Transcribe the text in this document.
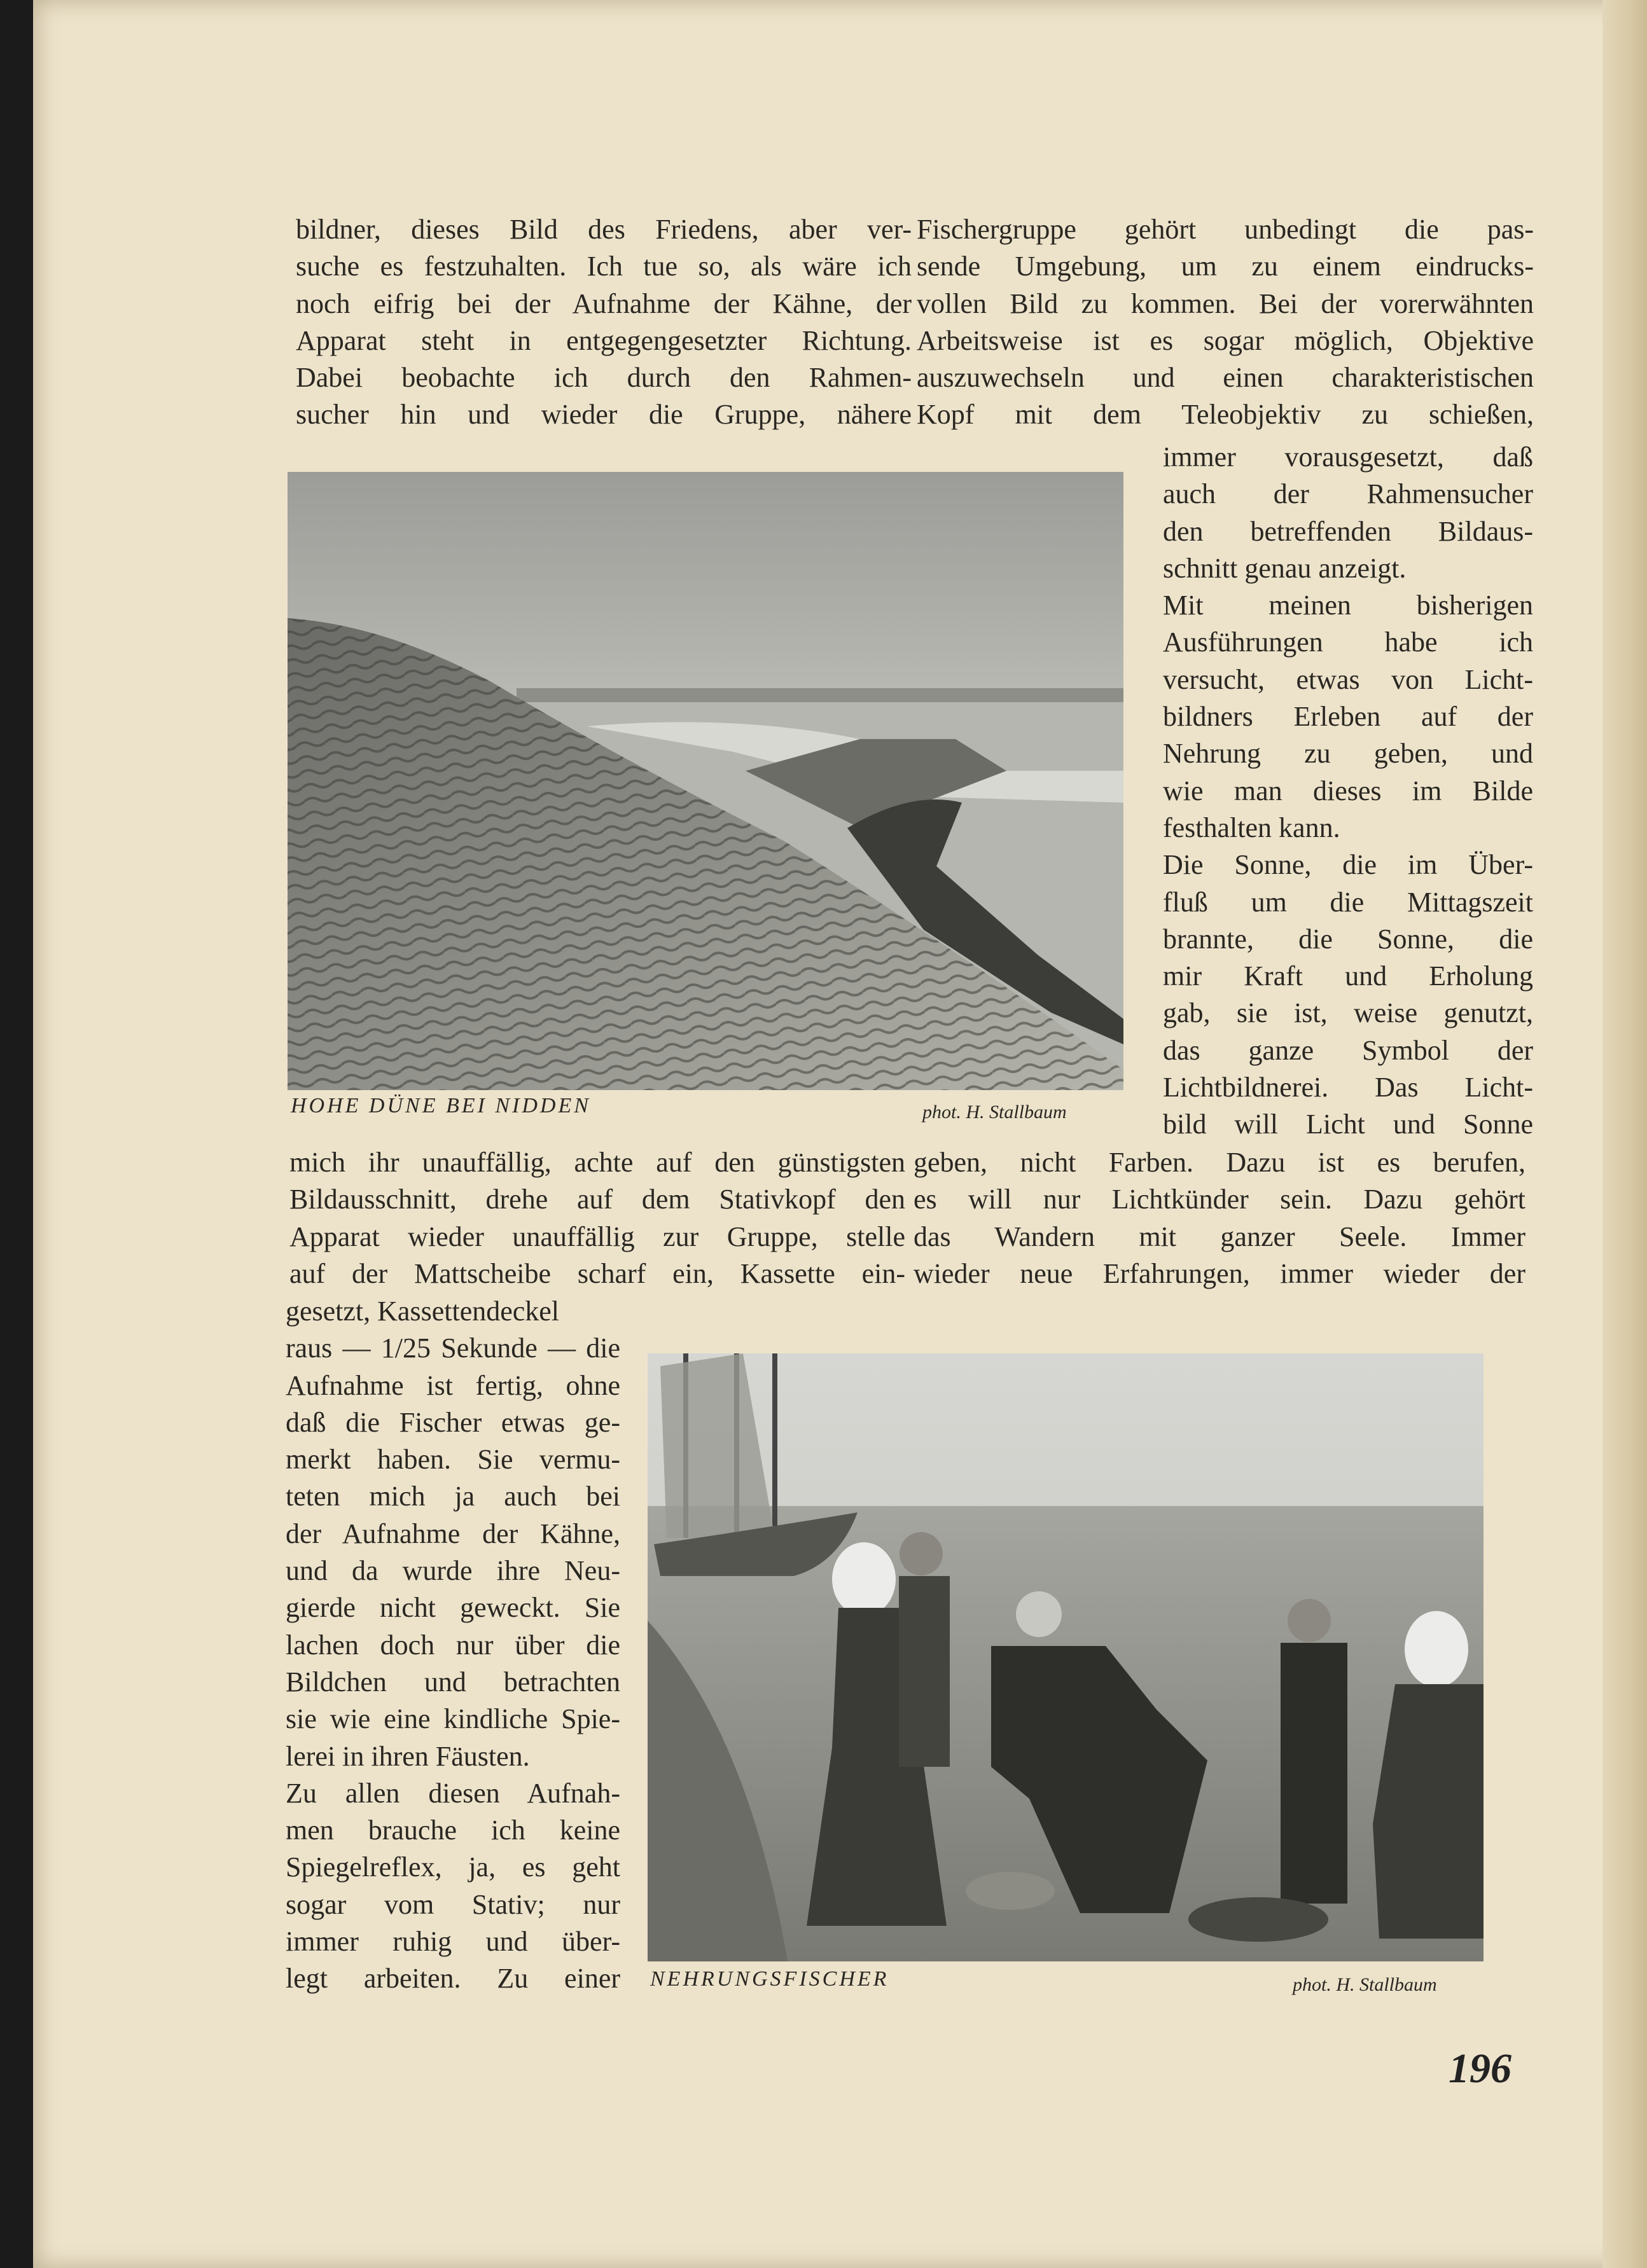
bildner, dieses Bild des Friedens, aber ver-
suche es festzuhalten. Ich tue so, als wäre ich
noch eifrig bei der Aufnahme der Kähne, der
Apparat steht in entgegengesetzter Richtung.
Dabei beobachte ich durch den Rahmen-
sucher hin und wieder die Gruppe, nähere
Fischergruppe gehört unbedingt die pas-
sende Umgebung, um zu einem eindrucks-
vollen Bild zu kommen. Bei der vorerwähnten
Arbeitsweise ist es sogar möglich, Objektive
auszuwechseln und einen charakteristischen
Kopf mit dem Teleobjektiv zu schießen,
HOHE DÜNE BEI NIDDEN	phot. H. Stallbaum
immer vorausgesetzt, daß
auch der Rahmensucher
den betreffenden Bildaus-
schnitt genau anzeigt.
Mit meinen bisherigen
Ausführungen habe ich
versucht, etwas von Licht-
bildners Erleben auf der
Nehrung zu geben, und
wie man dieses im Bilde
festhalten kann.
Die Sonne, die im Über-
fluß um die Mittagszeit
brannte, die Sonne, die
mir Kraft und Erholung
gab, sie ist, weise genutzt,
das ganze Symbol der
Lichtbildnerei. Das Licht-
bild will Licht und Sonne
mich ihr unauffällig, achte auf den günstigsten
Bildausschnitt, drehe auf dem Stativkopf den
Apparat wieder unauffällig zur Gruppe, stelle
auf der Mattscheibe scharf ein, Kassette ein-
geben, nicht Farben. Dazu ist es berufen,
es will nur Lichtkünder sein. Dazu gehört
das Wandern mit ganzer Seele. Immer
wieder neue Erfahrungen, immer wieder der
NEHRUNGSFISCHER	phot. H. Stallbaum
gesetzt, Kassettendeckel
raus — 1/25 Sekunde — die
Aufnahme ist fertig, ohne
daß die Fischer etwas ge-
merkt haben. Sie vermu-
teten mich ja auch bei
der Aufnahme der Kähne,
und da wurde ihre Neu-
gierde nicht geweckt. Sie
lachen doch nur über die
Bildchen und betrachten
sie wie eine kindliche Spie-
lerei in ihren Fäusten.
Zu allen diesen Aufnah-
men brauche ich keine
Spiegelreflex, ja, es geht
sogar vom Stativ; nur
immer ruhig und über-
legt arbeiten. Zu einer
196
